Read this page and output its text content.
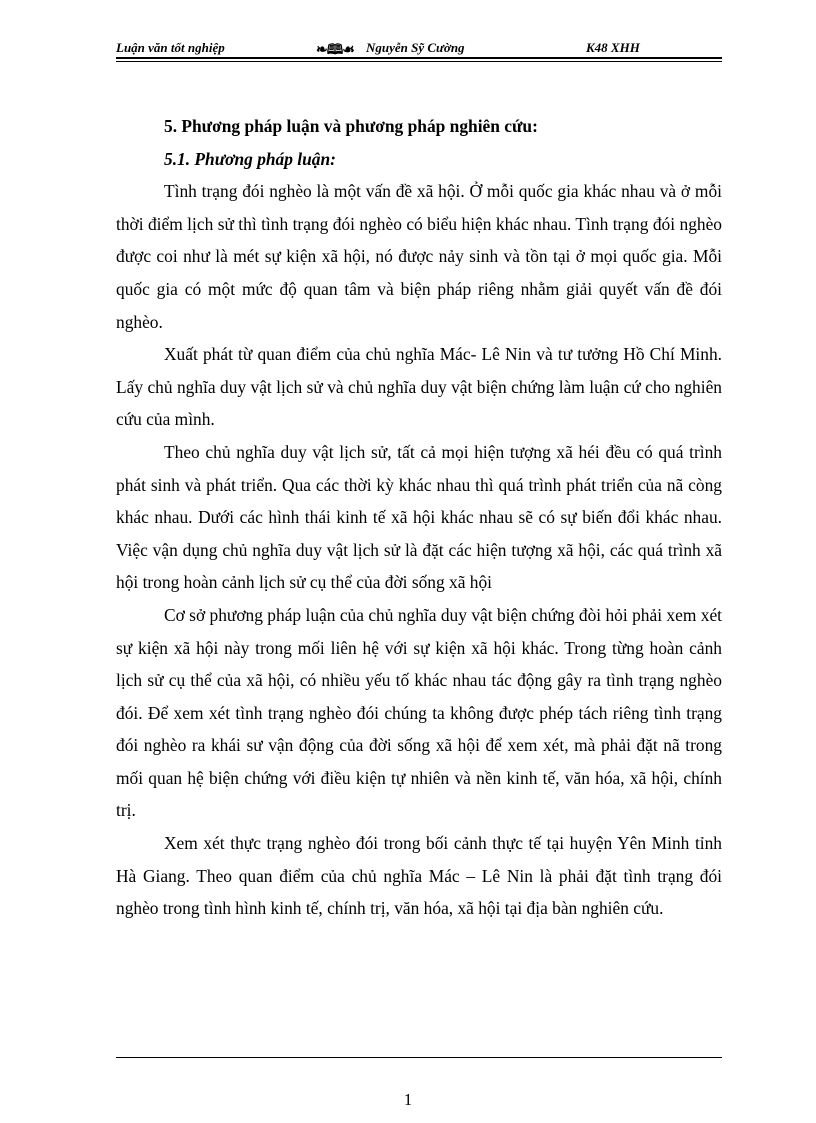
Luận văn tốt nghiệp	❧🕮☙ Nguyễn Sỹ Cường	K48 XHH

5. Phương pháp luận và phương pháp nghiên cứu:

5.1. Phương pháp luận:

Tình trạng đói nghèo là một vấn đề xã hội. Ở mỗi quốc gia khác nhau và ở mỗi thời điểm lịch sử thì tình trạng đói nghèo có biểu hiện khác nhau. Tình trạng đói nghèo được coi như là mét sự kiện xã hội, nó được nảy sinh và tồn tại ở mọi quốc gia. Mỗi quốc gia có một mức độ quan tâm và biện pháp riêng nhằm giải quyết vấn đề đói nghèo.

Xuất phát từ quan điểm của chủ nghĩa Mác- Lê Nin và tư tưởng Hồ Chí Minh. Lấy chủ nghĩa duy vật lịch sử và chủ nghĩa duy vật biện chứng làm luận cứ cho nghiên cứu của mình.

Theo chủ nghĩa duy vật lịch sử, tất cả mọi hiện tượng xã héi đều có quá trình phát sinh và phát triển. Qua các thời kỳ khác nhau thì quá trình phát triển của nã còng khác nhau. Dưới các hình thái kinh tế xã hội khác nhau sẽ có sự biến đổi khác nhau. Việc vận dụng chủ nghĩa duy vật lịch sử là đặt các hiện tượng xã hội, các quá trình xã hội trong hoàn cảnh lịch sử cụ thể của đời sống xã hội

Cơ sở phương pháp luận của chủ nghĩa duy vật biện chứng đòi hỏi phải xem xét sự kiện xã hội này trong mối liên hệ với sự kiện xã hội khác. Trong từng hoàn cảnh lịch sử cụ thể của xã hội, có nhiều yếu tố khác nhau tác động gây ra tình trạng nghèo đói. Để xem xét tình trạng nghèo đói chúng ta không được phép tách riêng tình trạng đói nghèo ra khái sư vận động của đời sống xã hội để xem xét, mà phải đặt nã trong mối quan hệ biện chứng với điều kiện tự nhiên và nền kinh tế, văn hóa, xã hội, chính trị.

Xem xét thực trạng nghèo đói trong bối cảnh thực tế tại huyện Yên Minh tỉnh Hà Giang. Theo quan điểm của chủ nghĩa Mác – Lê Nin là phải đặt tình trạng đói nghèo trong tình hình kinh tế, chính trị, văn hóa, xã hội tại địa bàn nghiên cứu.

1
